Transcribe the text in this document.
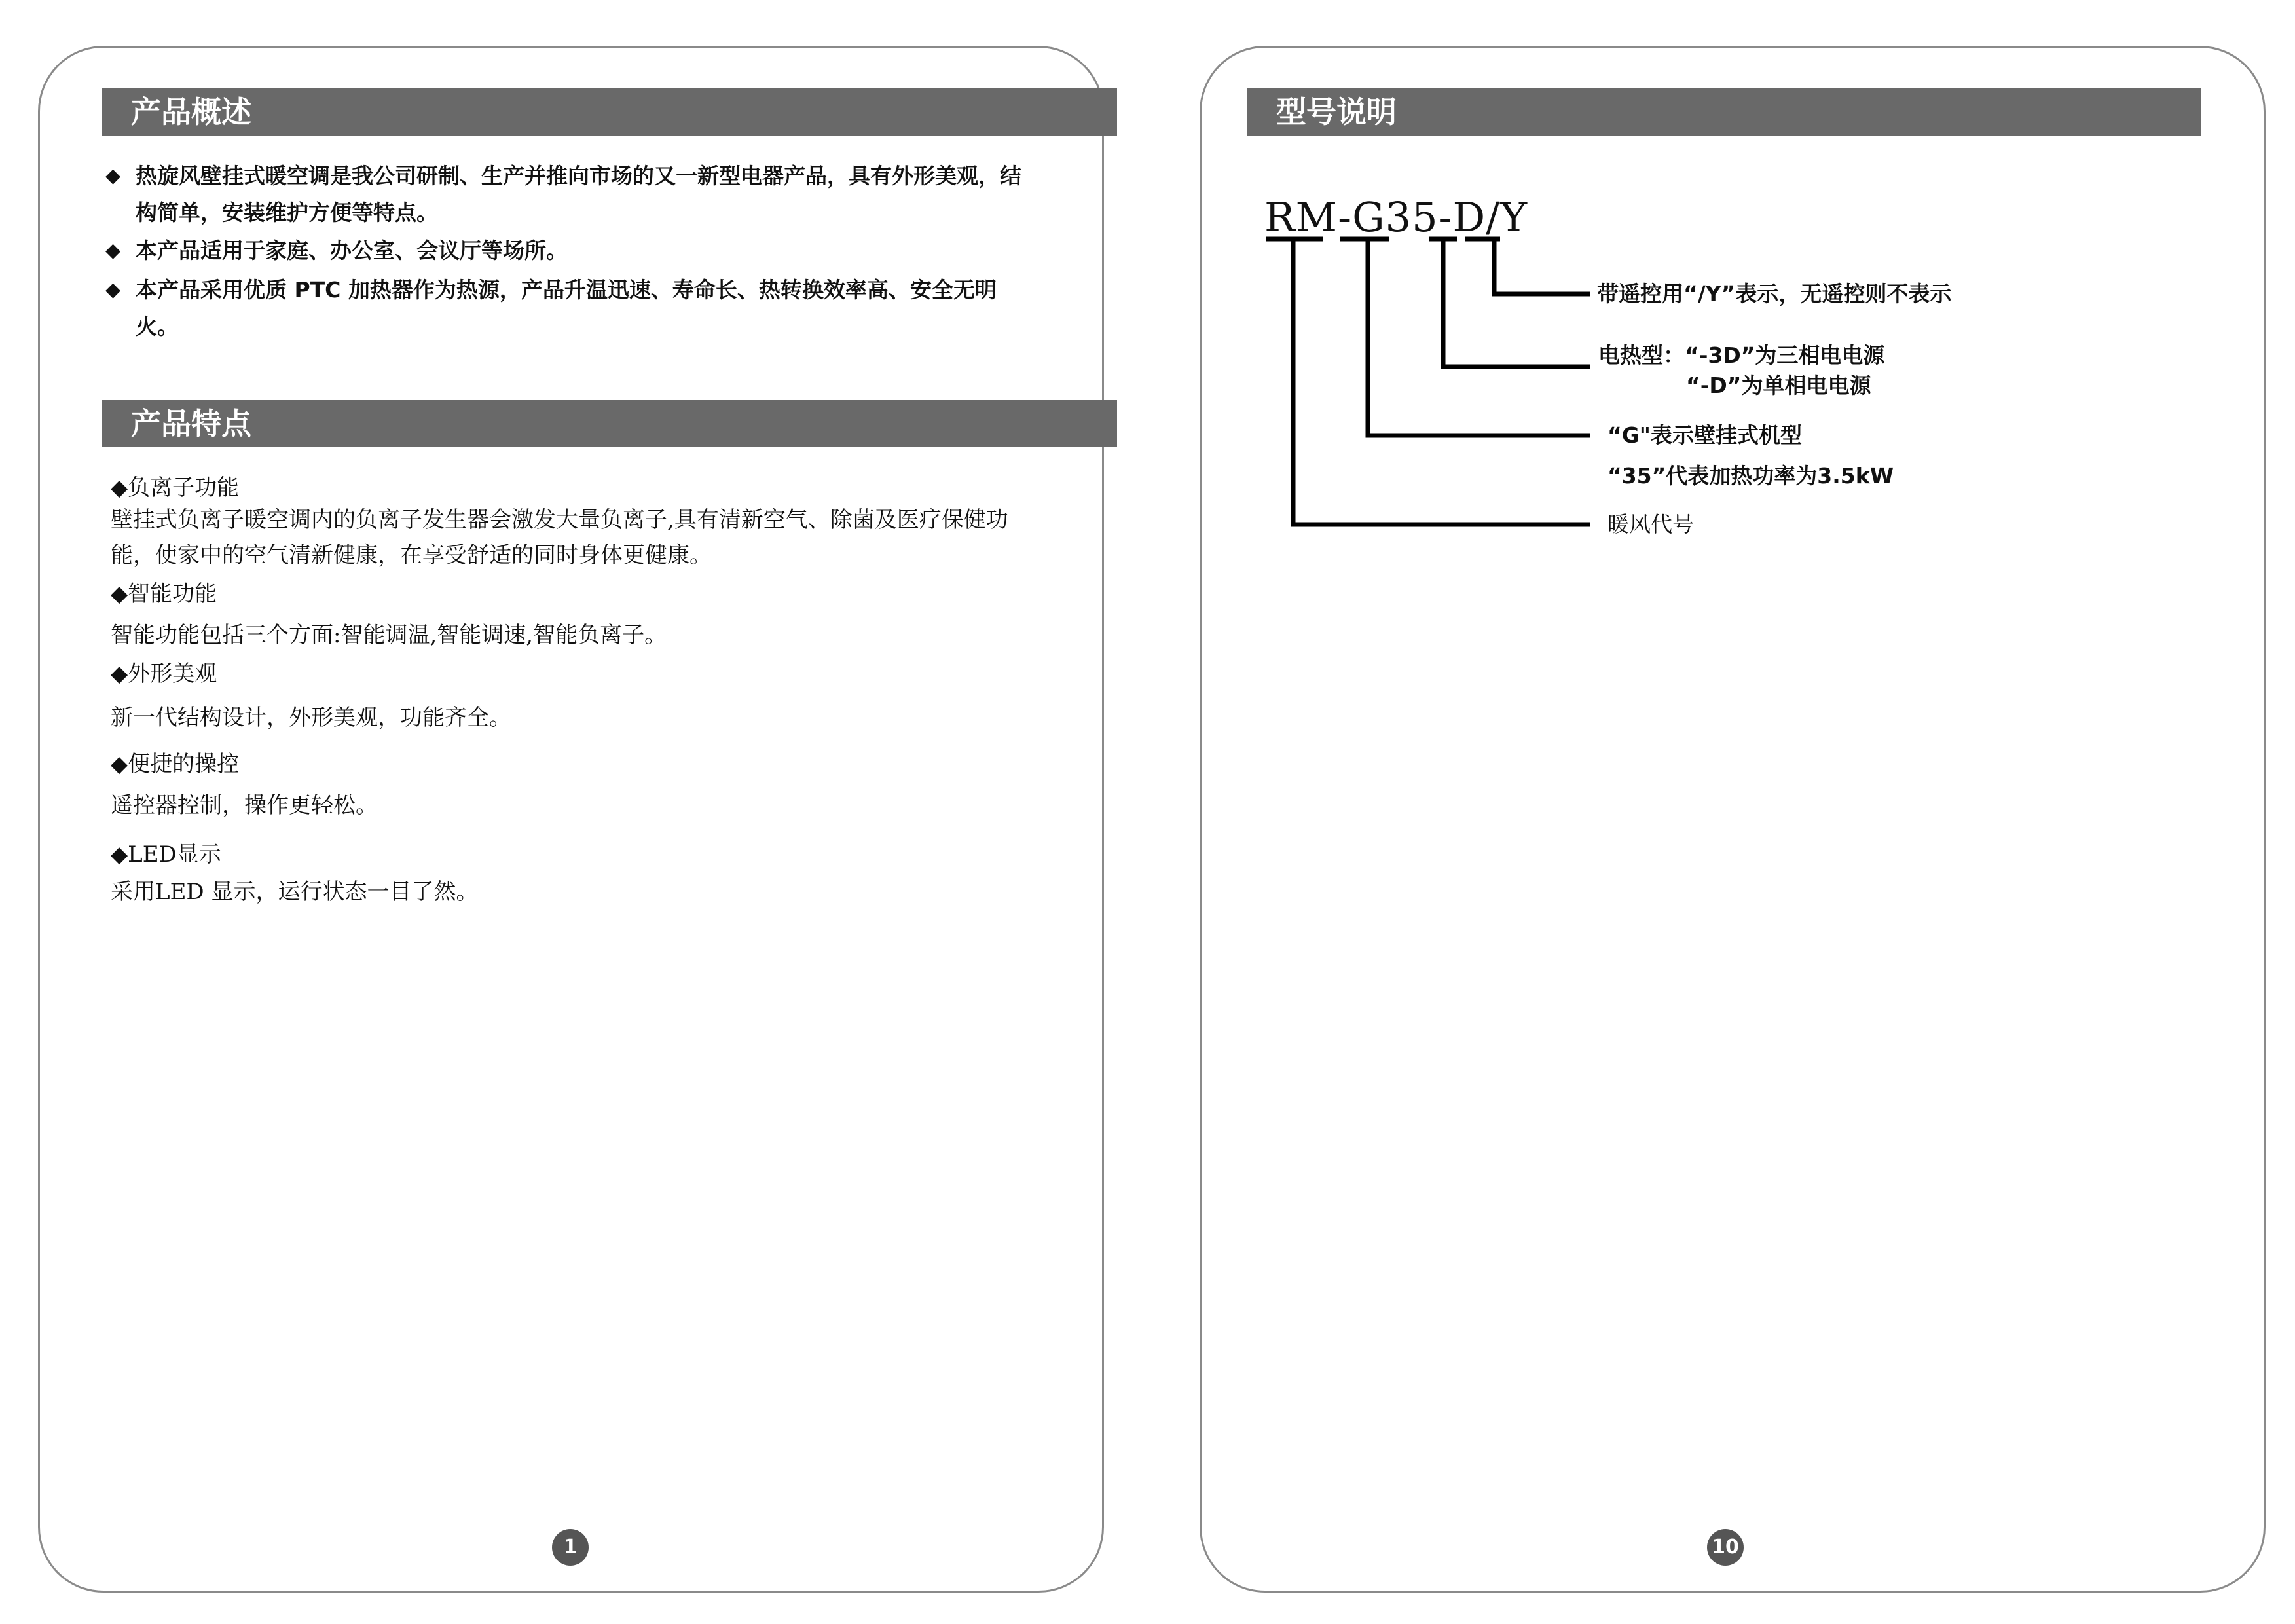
产品概述
◆ 热旋风壁挂式暖空调是我公司研制、生产并推向市场的又一新型电器产品，具有外形美观，结构简单，安装维护方便等特点。
◆ 本产品适用于家庭、办公室、会议厅等场所。
◆ 本产品采用优质 PTC 加热器作为热源，产品升温迅速、寿命长、热转换效率高、安全无明火。
产品特点
◆负离子功能
壁挂式负离子暖空调内的负离子发生器会激发大量负离子,具有清新空气、除菌及医疗保健功能，使家中的空气清新健康，在享受舒适的同时身体更健康。
◆智能功能
智能功能包括三个方面:智能调温,智能调速,智能负离子。
◆外形美观
新一代结构设计，外形美观，功能齐全。
◆便捷的操控
遥控器控制，操作更轻松。
◆LED显示
采用LED 显示，运行状态一目了然。
1
型号说明
RM-G35-D/Y
带遥控用“/Y”表示，无遥控则不表示
电热型：“-3D”为三相电电源
“-D”为单相电电源
“G"表示壁挂式机型
“35”代表加热功率为3.5kW
暖风代号
10
